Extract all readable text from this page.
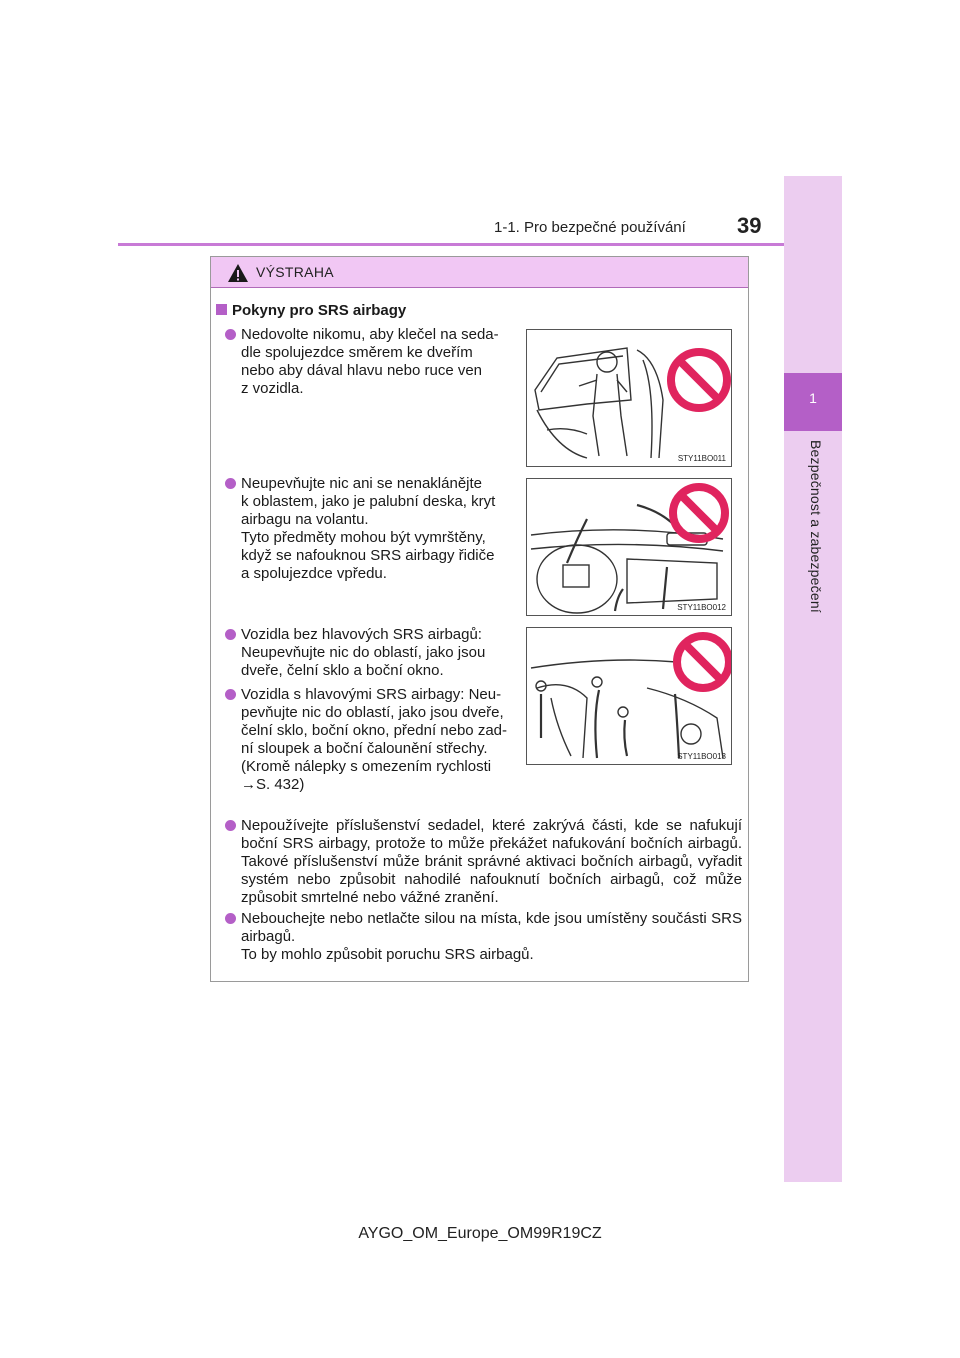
1-1. Pro bezpečné používání 39
1
Bezpečnost a zabezpečení
VÝSTRAHA
Pokyny pro SRS airbagy
Nedovolte nikomu, aby klečel na seda-
dle spolujezdce směrem ke dveřím
nebo aby dával hlavu nebo ruce ven
z vozidla.
Neupevňujte nic ani se nenaklánějte
k oblastem, jako je palubní deska, kryt
airbagu na volantu.
Tyto předměty mohou být vymrštěny,
když se nafouknou SRS airbagy řidiče
a spolujezdce vpředu.
Vozidla bez hlavových SRS airbagů:
Neupevňujte nic do oblastí, jako jsou
dveře, čelní sklo a boční okno.
Vozidla s hlavovými SRS airbagy: Neu-
pevňujte nic do oblastí, jako jsou dveře,
čelní sklo, boční okno, přední nebo zad-
ní sloupek a boční čalounění střechy.
(Kromě nálepky s omezením rychlosti
→S. 432)
Nepoužívejte příslušenství sedadel, které zakrývá části, kde se nafukují boční SRS airbagy, protože to může překážet nafukování bočních airbagů. Takové příslušenství může bránit správné aktivaci bočních airbagů, vyřadit systém nebo způsobit nahodilé nafouknutí bočních airbagů, což může způsobit smrtelné nebo vážné zranění.
Nebouchejte nebo netlačte silou na místa, kde jsou umístěny součásti SRS airbagů.
To by mohlo způsobit poruchu SRS airbagů.
STY11BO011
STY11BO012
STY11BO013
AYGO_OM_Europe_OM99R19CZ
